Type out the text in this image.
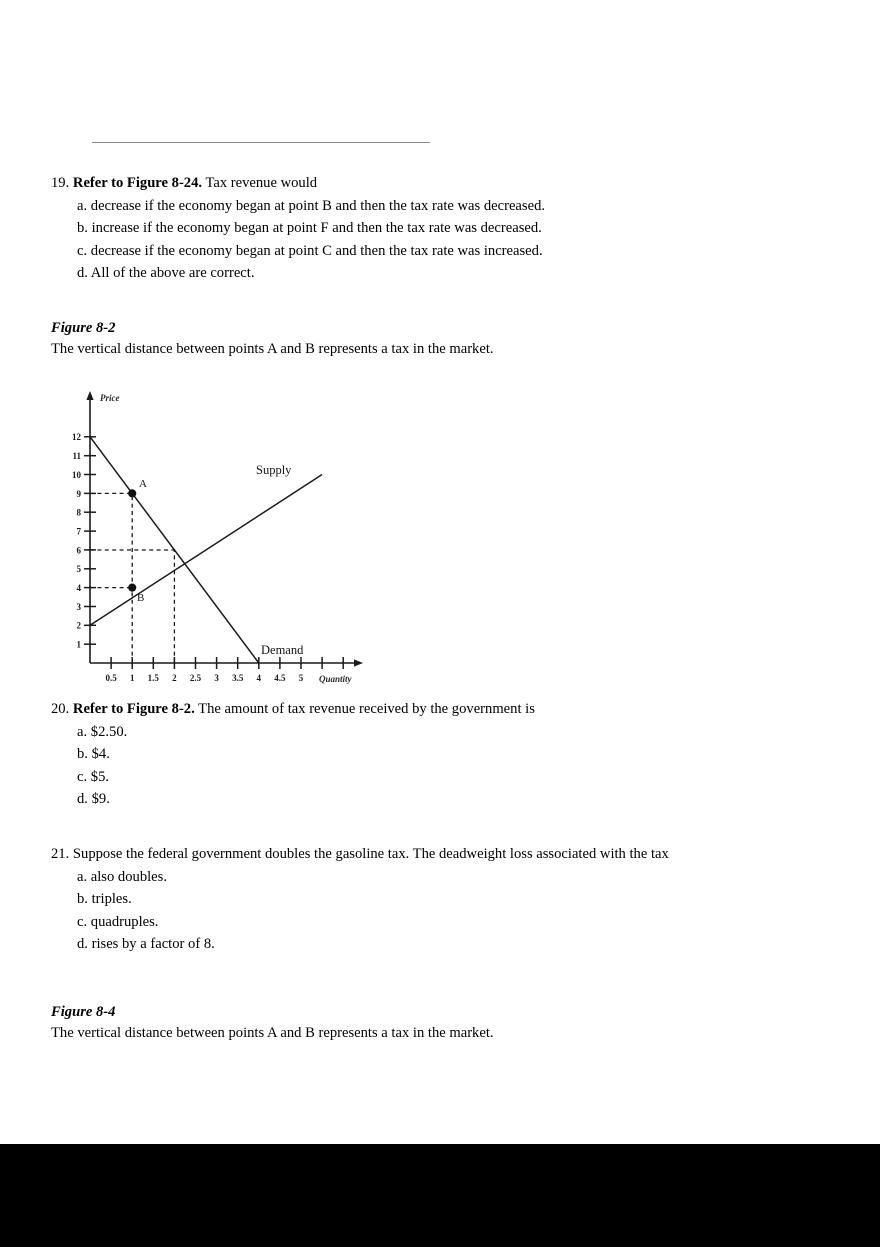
19. Refer to Figure 8-24. Tax revenue would
a. decrease if the economy began at point B and then the tax rate was decreased.
b. increase if the economy began at point F and then the tax rate was decreased.
c. decrease if the economy began at point C and then the tax rate was increased.
d. All of the above are correct.
Figure 8-2
The vertical distance between points A and B represents a tax in the market.
1
2
3
4
5
6
7
8
9
10
11
12
0.5 1 1.5 2 2.5 3 3.5 4 4.5 5
A
B
Supply
Demand
Price
Quantity
20. Refer to Figure 8-2. The amount of tax revenue received by the government is
a. $2.50.
b. $4.
c. $5.
d. $9.
21. Suppose the federal government doubles the gasoline tax. The deadweight loss associated with the tax
a. also doubles.
b. triples.
c. quadruples.
d. rises by a factor of 8.
Figure 8-4
The vertical distance between points A and B represents a tax in the market.
